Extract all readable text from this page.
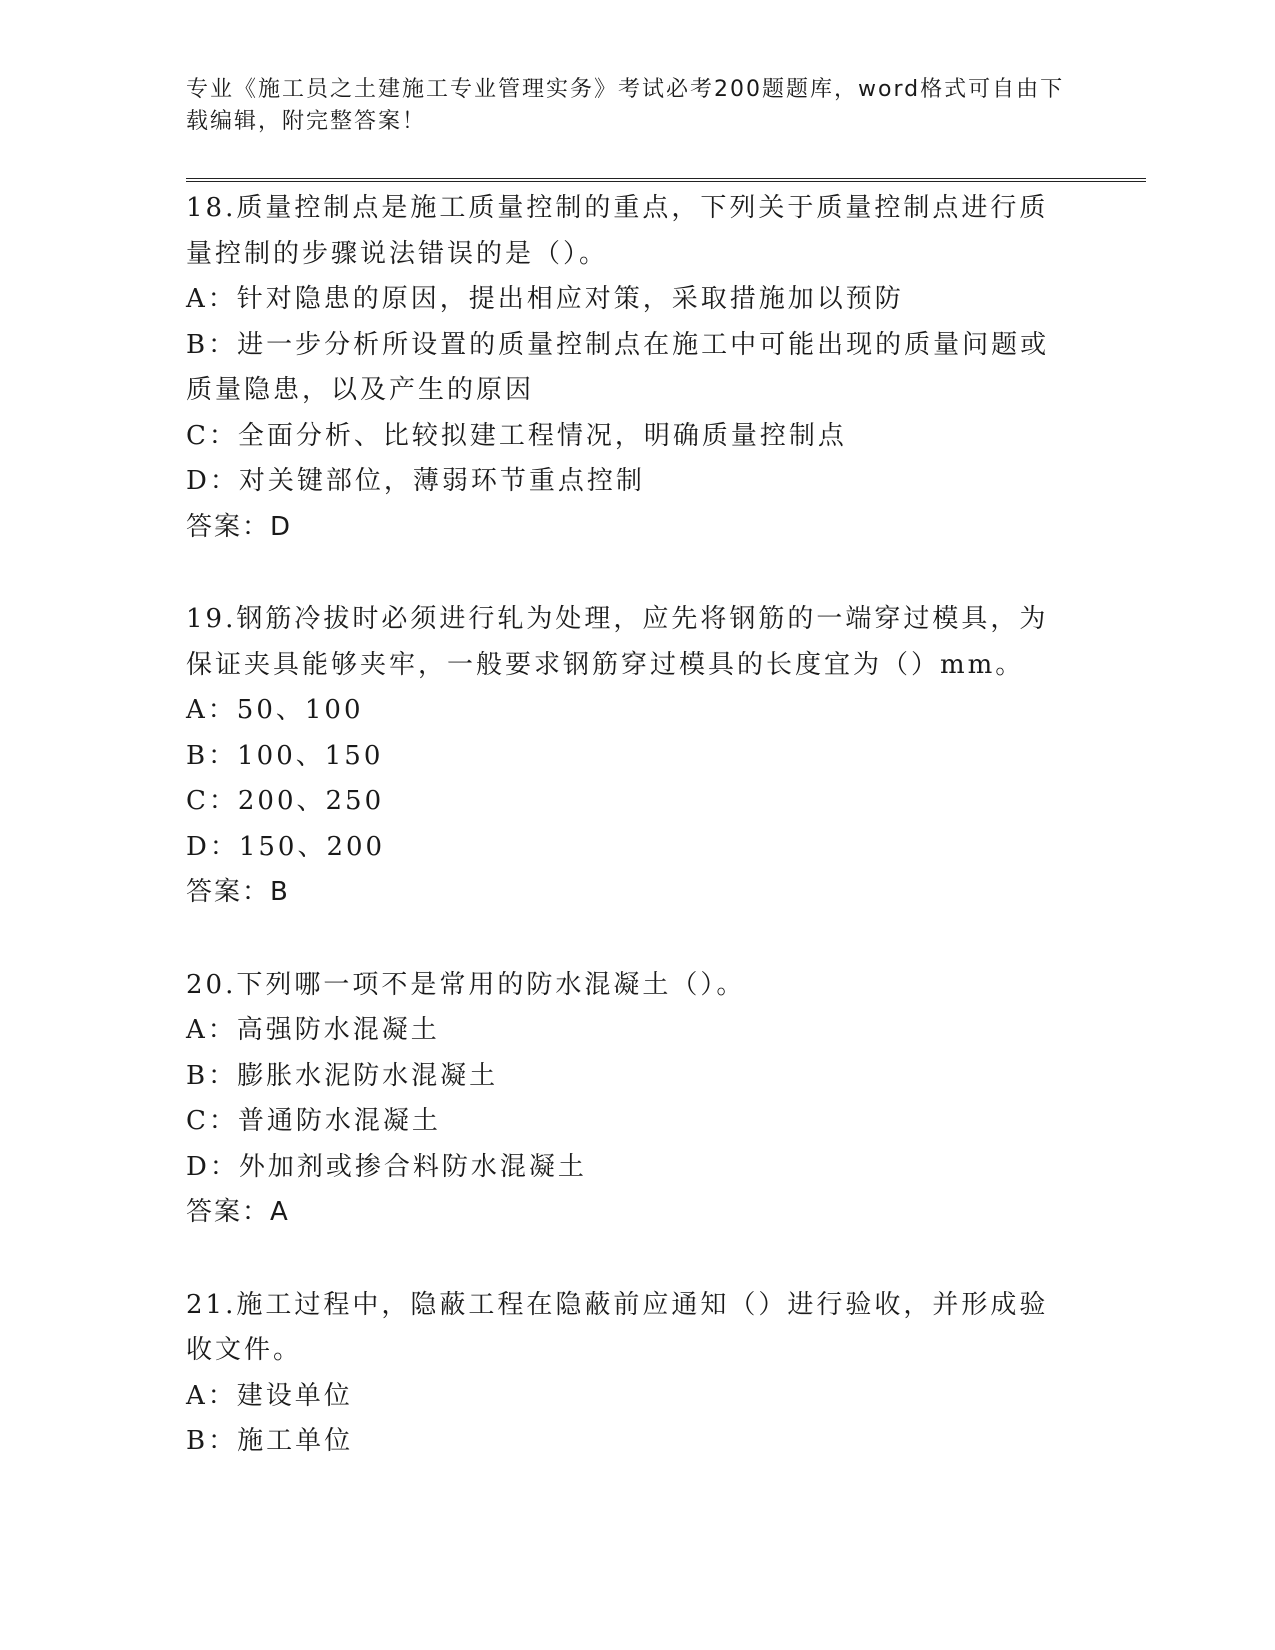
专业《施工员之土建施工专业管理实务》考试必考200题题库，word格式可自由下载编辑，附完整答案！

18.质量控制点是施工质量控制的重点，下列关于质量控制点进行质量控制的步骤说法错误的是（）。

A：针对隐患的原因，提出相应对策，采取措施加以预防

B：进一步分析所设置的质量控制点在施工中可能出现的质量问题或质量隐患，以及产生的原因

C：全面分析、比较拟建工程情况，明确质量控制点

D：对关键部位，薄弱环节重点控制

答案：D

19.钢筋冷拔时必须进行轧为处理，应先将钢筋的一端穿过模具，为保证夹具能够夹牢，一般要求钢筋穿过模具的长度宜为（）mm。

A：50、100

B：100、150

C：200、250

D：150、200

答案：B

20.下列哪一项不是常用的防水混凝土（）。

A：高强防水混凝土

B：膨胀水泥防水混凝土

C：普通防水混凝土

D：外加剂或掺合料防水混凝土

答案：A

21.施工过程中，隐蔽工程在隐蔽前应通知（）进行验收，并形成验收文件。

A：建设单位

B：施工单位
